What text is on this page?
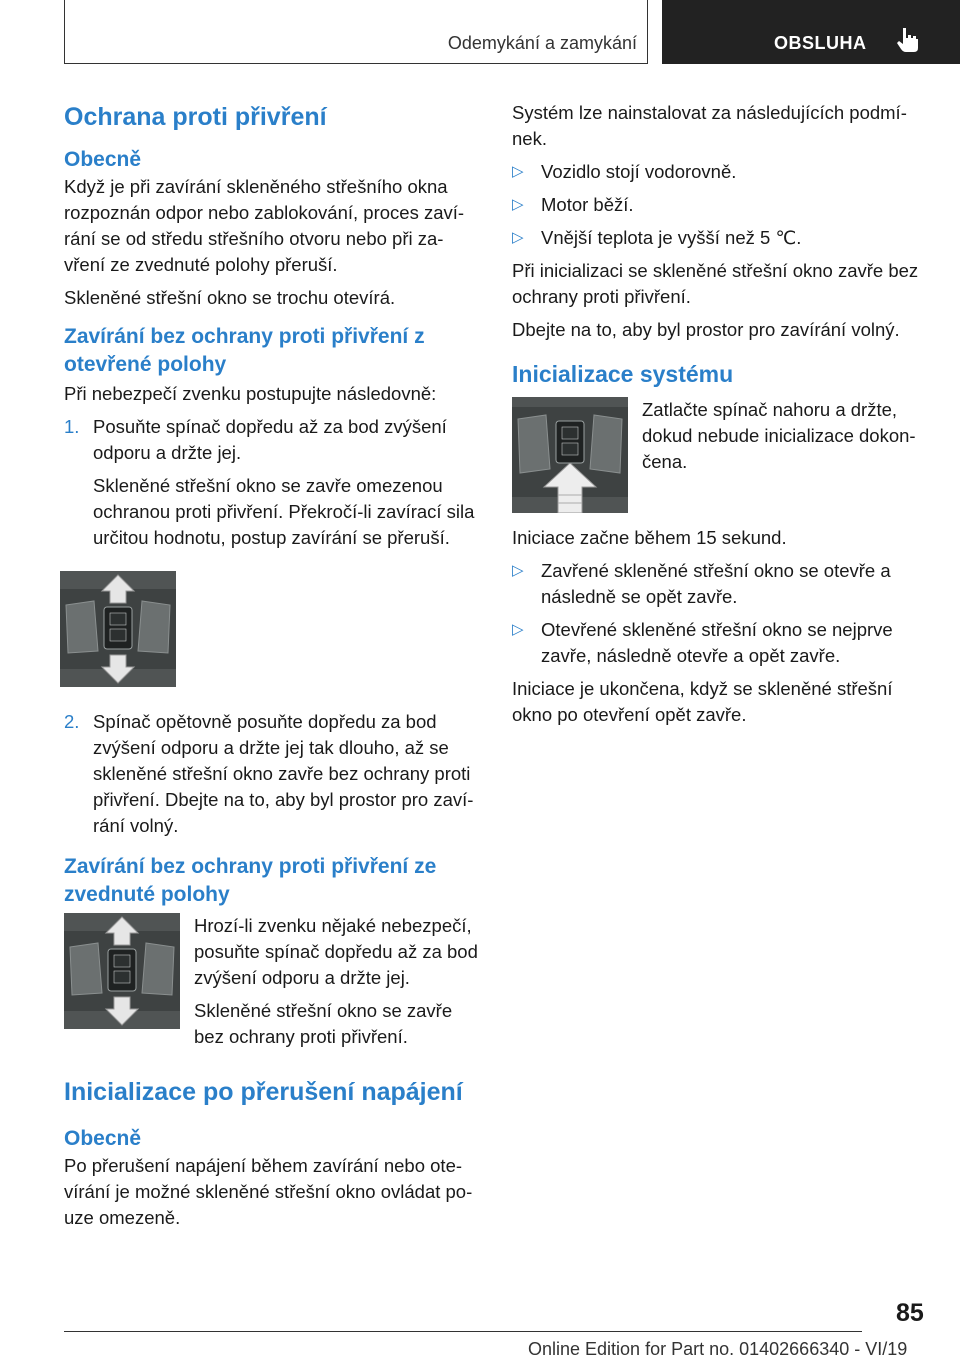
Odemykání a zamykání	OBSLUHA
Ochrana proti přivření
Obecně

Když je při zavírání skleněného střešního okna rozpoznán odpor nebo zablokování, proces zaví-rání se od středu střešního otvoru nebo při za-vření ze zvednuté polohy přeruší.

Skleněné střešní okno se trochu otevírá.

Zavírání bez ochrany proti přivření z otevřené polohy

Při nebezpečí zvenku postupujte následovně:

1. Posuňte spínač dopředu až za bod zvýšení odporu a držte jej.

Skleněné střešní okno se zavře omezenou ochranou proti přivření. Překročí-li zavírací sila určitou hodnotu, postup zavírání se přeruší.

2. Spínač opětovně posuňte dopředu za bod zvýšení odporu a držte jej tak dlouho, až se skleněné střešní okno zavře bez ochrany proti přivření. Dbejte na to, aby byl prostor pro zaví-rání volný.
Zavírání bez ochrany proti přivření ze zvednuté polohy

Hrozí-li zvenku nějaké nebezpečí, posuňte spínač dopředu až za bod zvýšení odporu a držte jej.

Skleněné střešní okno se zavře bez ochrany proti přivření.

Inicializace po přerušení napájení
Obecně

Po přerušení napájení během zavírání nebo ote-vírání je možné skleněné střešní okno ovládat po-uze omezeně.

Systém lze nainstalovat za následujících podmí-nek.

▷ Vozidlo stojí vodorovně.
▷ Motor běží.
▷ Vnější teplota je vyšší než 5 ℃.

Při inicializaci se skleněné střešní okno zavře bez ochrany proti přivření.

Dbejte na to, aby byl prostor pro zavírání volný.

Inicializace systému

Zatlačte spínač nahoru a držte, dokud nebude inicializace dokon-čena.

Iniciace začne během 15 sekund.

▷ Zavřené skleněné střešní okno se otevře a následně se opět zavře.
▷ Otevřené skleněné střešní okno se nejprve zavře, následně otevře a opět zavře.

Iniciace je ukončena, když se skleněné střešní okno po otevření opět zavře.

85
Online Edition for Part no. 01402666340 - VI/19
